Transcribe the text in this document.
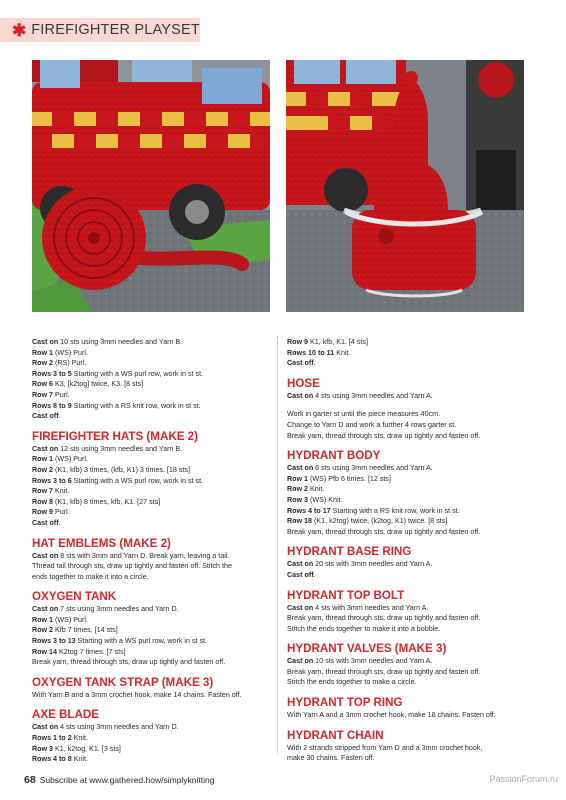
✱ FIREFIGHTER PLAYSET
Cast on 10 sts using 3mm needles and Yarn B.
Row 1 (WS) Purl.
Row 2 (RS) Purl.
Rows 3 to 5 Starting with a WS purl row, work in st st.
Row 6 K3, [k2tog] twice, K3. [8 sts]
Row 7 Purl.
Rows 8 to 9 Starting with a RS knit row, work in st st.
Cast off.
FIREFIGHTER HATS (MAKE 2)
Cast on 12 sts using 3mm needles and Yarn B.
Row 1 (WS) Purl.
Row 2 (K1, kfb) 3 times, (kfb, K1) 3 times. [18 sts]
Rows 3 to 6 Starting with a WS purl row, work in st st.
Row 7 Knit.
Row 8 (K1, kfb) 8 times, kfb, K1. [27 sts]
Row 9 Purl.
Cast off.
HAT EMBLEMS (MAKE 2)
Cast on 8 sts with 3mm and Yarn D. Break yarn, leaving a tail.
Thread tail through sts, draw up tightly and fasten off. Stitch the
ends together to make it into a circle.
OXYGEN TANK
Cast on 7 sts using 3mm needles and Yarn D.
Row 1 (WS) Purl.
Row 2 Kfb 7 times. [14 sts]
Rows 3 to 13 Starting with a WS purl row, work in st st.
Row 14 K2tog 7 times. [7 sts]
Break yarn, thread through sts, draw up tightly and fasten off.
OXYGEN TANK STRAP (MAKE 3)
With Yarn B and a 3mm crochet hook, make 14 chains. Fasten off.
AXE BLADE
Cast on 4 sts using 3mm needles and Yarn D.
Rows 1 to 2 Knit.
Row 3 K1, k2tog, K1. [3 sts]
Rows 4 to 8 Knit.
Row 9 K1, kfb, K1. [4 sts]
Rows 10 to 11 Knit.
Cast off.
HOSE
Cast on 4 sts using 3mm needles and Yarn A.
Work in garter st until the piece measures 40cm.
Change to Yarn D and work a further 4 rows garter st.
Break yarn, thread through sts, draw up tightly and fasten off.
HYDRANT BODY
Cast on 6 sts using 3mm needles and Yarn A.
Row 1 (WS) Pfb 6 times. [12 sts]
Row 2 Knit.
Row 3 (WS) Knit.
Rows 4 to 17 Starting with a RS knit row, work in st st.
Row 18 (K1, k2tog) twice, (k2tog, K1) twice. [8 sts]
Break yarn, thread through sts, draw up tightly and fasten off.
HYDRANT BASE RING
Cast on 20 sts with 3mm needles and Yarn A.
Cast off.
HYDRANT TOP BOLT
Cast on 4 sts with 3mm needles and Yarn A.
Break yarn, thread through sts, draw up tightly and fasten off.
Stitch the ends together to make it into a bobble.
HYDRANT VALVES (MAKE 3)
Cast on 10 sts with 3mm needles and Yarn A.
Break yarn, thread through sts, draw up tightly and fasten off.
Stitch the ends together to make a circle.
HYDRANT TOP RING
With Yarn A and a 3mm crochet hook, make 18 chains. Fasten off.
HYDRANT CHAIN
With 2 strands stripped from Yarn D and a 3mm crochet hook,
make 30 chains. Fasten off.
68 Subscribe at www.gathered.how/simplyknitting	PassionForum.ru
